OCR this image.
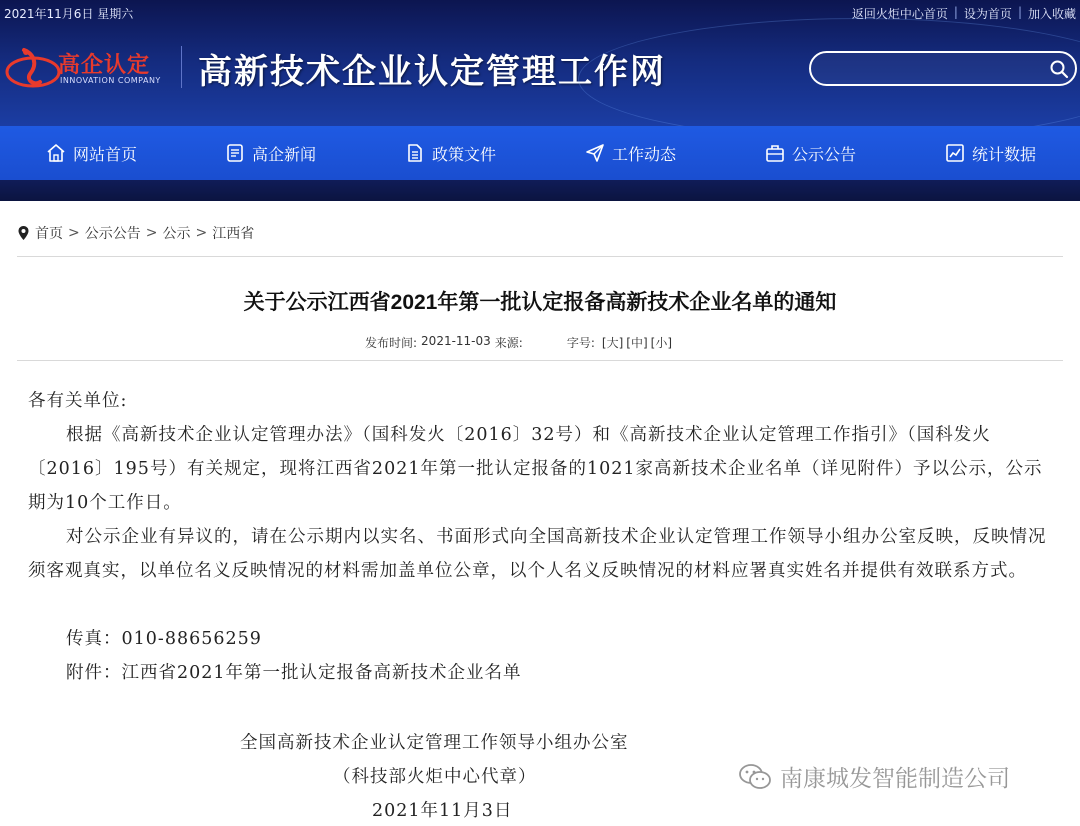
2021年11月6日 星期六	返回火炬中心首页 | 设为首页 | 加入收藏
高企认定
INNOVATION COMPANY 高新技术企业认定管理工作网
网站首页	高企新闻	政策文件	工作动态	公示公告	统计数据
首页 > 公示公告 > 公示 > 江西省
关于公示江西省2021年第一批认定报备高新技术企业名单的通知
发布时间: 2021-11-03 来源:	字号: [大] [中] [小]

各有关单位:

根据《高新技术企业认定管理办法》（国科发火〔2016〕32号）和《高新技术企业认定管理工作指引》（国科发火〔2016〕195号）有关规定，现将江西省2021年第一批认定报备的1021家高新技术企业名单（详见附件）予以公示，公示期为10个工作日。

对公示企业有异议的，请在公示期内以实名、书面形式向全国高新技术企业认定管理工作领导小组办公室反映，反映情况须客观真实，以单位名义反映情况的材料需加盖单位公章，以个人名义反映情况的材料应署真实姓名并提供有效联系方式。

传真：010-88656259

附件：江西省2021年第一批认定报备高新技术企业名单

全国高新技术企业认定管理工作领导小组办公室
（科技部火炬中心代章）
2021年11月3日
南康城发智能制造公司
